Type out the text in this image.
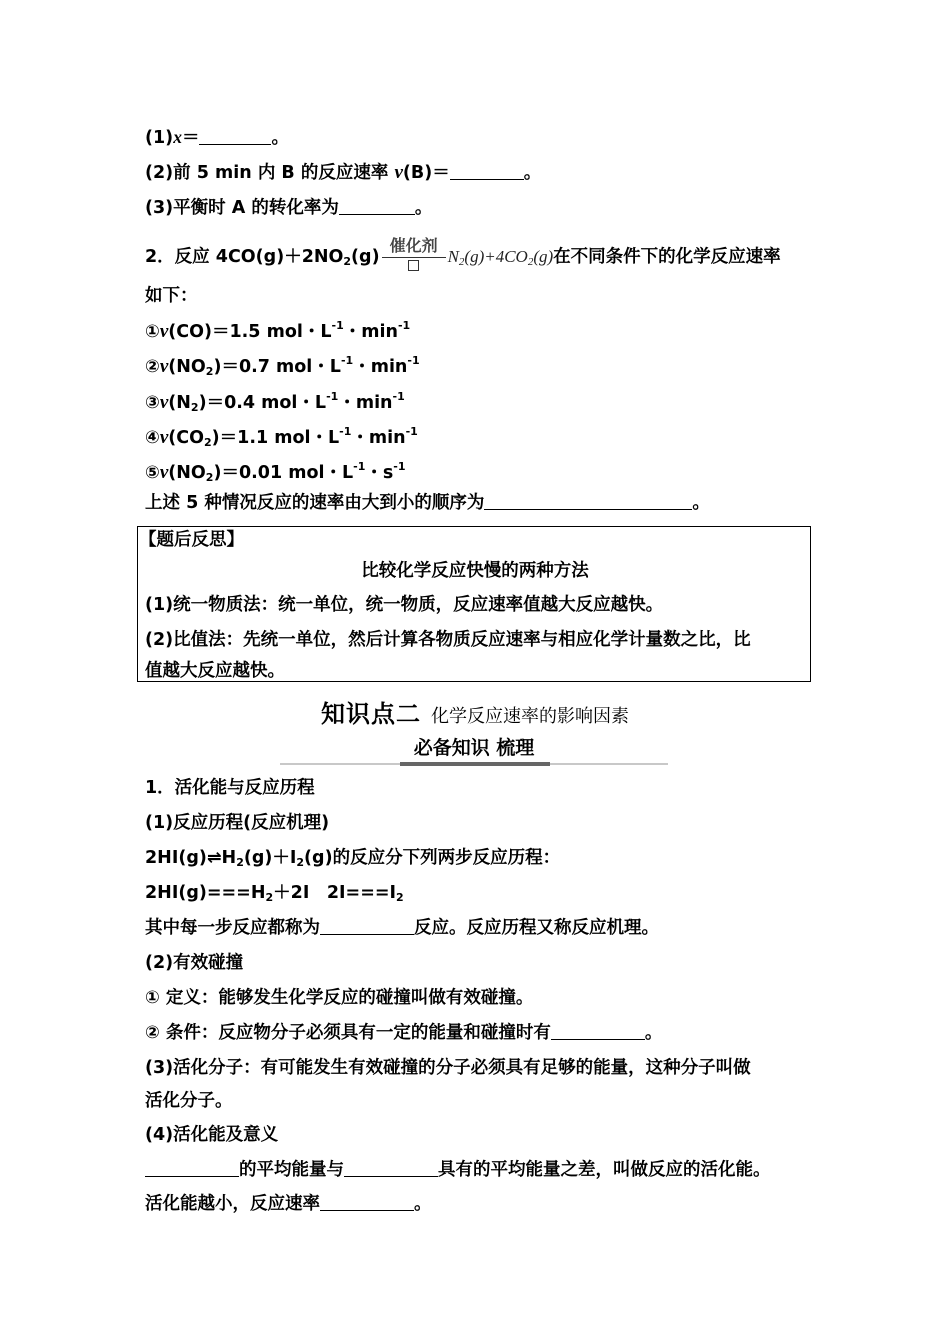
(1)x＝	。
(2)前 5 min 内 B 的反应速率 v(B)＝	。
(3)平衡时 A 的转化率为	。
2．反应 $4CO(g)+2NO_2(g)$
催化剂
$N_2(g)+4CO_2(g)$在不同条件下的化学反应速率
如下：
①v(CO)＝1.5 mol・$L^{-1}$・$\min^{-1}$
$②v(NO_2)=0.7$ mol・$L^{-1}$・$\min^{-1}$
$③v(N_2)=0.4$ mol・$L^{-1}$・$\min^{-1}$
$④v(CO_2)=1.1$ mol・$L^{-1}$・$\min^{-1}$
$⑤v(NO_2)=0.01$ mol・$L^{-1}$・$s^{-1}$
上述 5 种情况反应的速率由大到小的顺序为	。
【题后反思】
比较化学反应快慢的两种方法
(1)统一物质法：统一单位，统一物质，反应速率值越大反应越快。
(2)比值法：先统一单位，然后计算各物质反应速率与相应化学计量数之比，比
值越大反应越快。
知识点二 化学反应速率的影响因素
必备知识 梳理
1．活化能与反应历程
(1)反应历程(反应机理)
$2HI(g)\rightleftharpoons H_2(g)+I_2(g)$的反应分下列两步反应历程：
$2HI(g)===H_2+2I$　$2I===I_2$
其中每一步反应都称为	反应。反应历程又称反应机理。
(2)有效碰撞
① 定义：能够发生化学反应的碰撞叫做有效碰撞。
② 条件：反应物分子必须具有一定的能量和碰撞时有	。
(3)活化分子：有可能发生有效碰撞的分子必须具有足够的能量，这种分子叫做
活化分子。
(4)活化能及意义
的平均能量与	具有的平均能量之差，叫做反应的活化能。
活化能越小，反应速率	。
